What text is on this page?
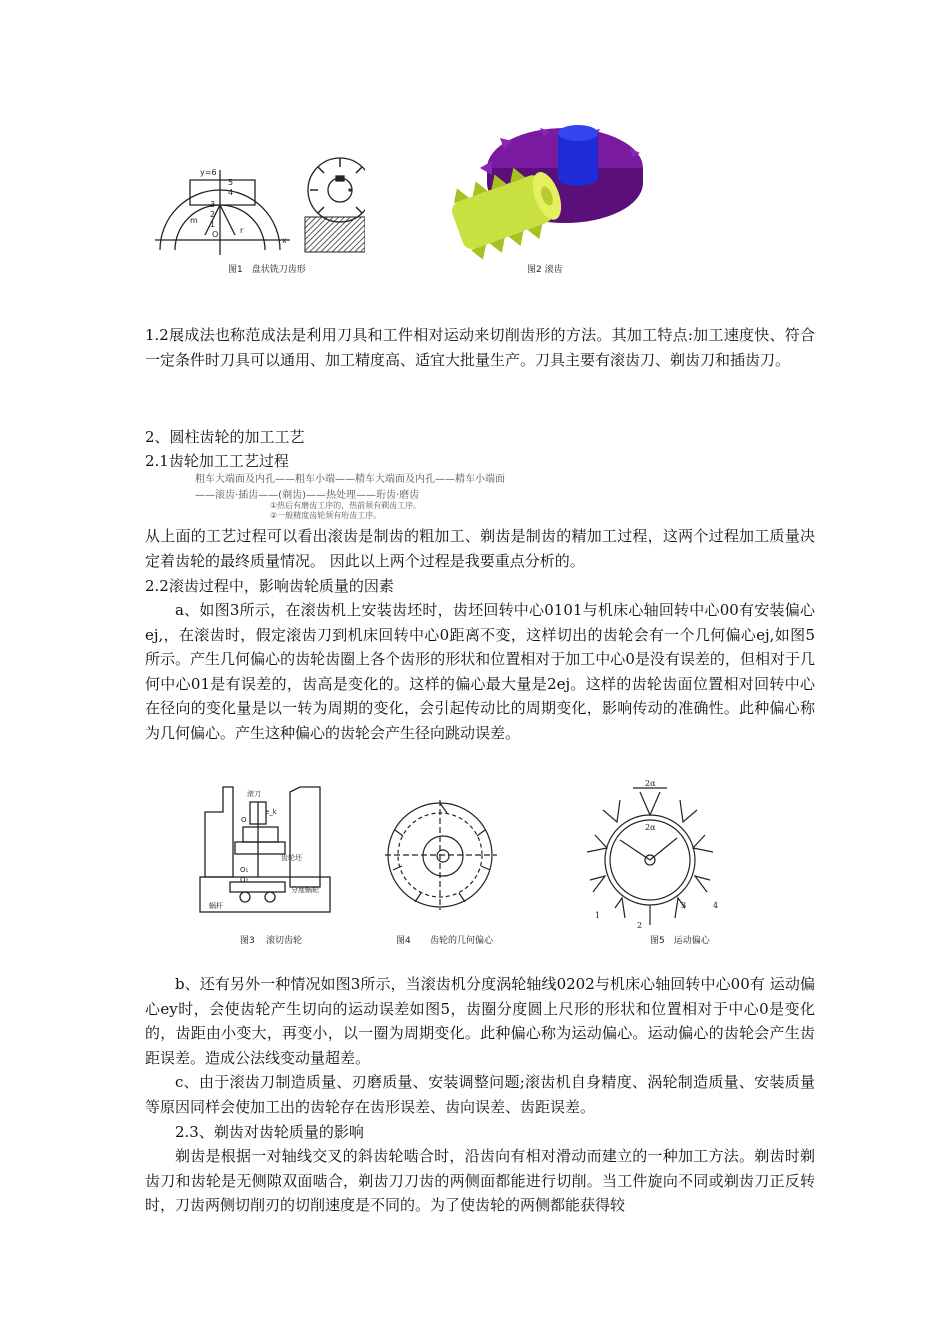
y=6
5
4
3
2
1
m
O
x
r
图1　盘状铣刀齿形	图2 滚齿

1.2展成法也称范成法是利用刀具和工件相对运动来切削齿形的方法。其加工特点:加工速度快、符合一定条件时刀具可以通用、加工精度高、适宜大批量生产。刀具主要有滚齿刀、剃齿刀和插齿刀。

2、圆柱齿轮的加工工艺

2.1齿轮加工工艺过程

粗车大端面及内孔——粗车小端——精车大端面及内孔——精车小端面
——滚齿·插齿——(剃齿)——热处理——珩齿·磨齿
①热后有磨齿工序的，热前须有剃齿工序。
②一般精度齿轮须有珩齿工序。

从上面的工艺过程可以看出滚齿是制齿的粗加工、剃齿是制齿的精加工过程，这两个过程加工质量决定着齿轮的最终质量情况。 因此以上两个过程是我要重点分析的。

2.2滚齿过程中，影响齿轮质量的因素

a、如图3所示，在滚齿机上安装齿坯时，齿坯回转中心0101与机床心轴回转中心00有安装偏心ej,，在滚齿时，假定滚齿刀到机床回转中心0距离不变，这样切出的齿轮会有一个几何偏心ej,如图5所示。产生几何偏心的齿轮齿圈上各个齿形的形状和位置相对于加工中心0是没有误差的，但相对于几何中心01是有误差的，齿高是变化的。这样的偏心最大量是2ej。这样的齿轮齿面位置相对回转中心在径向的变化量是以一转为周期的变化，会引起传动比的周期变化，影响传动的准确性。此种偏心称为几何偏心。产生这种偏心的齿轮会产生径向跳动误差。

滚刀
齿轮坯
分度蜗轮
蜗杆
e_k
O
O₁
O₂
图3 滚切齿轮	图4 齿轮的几何偏心
2α
2α
1
2
3	4
图5　运动偏心

b、还有另外一种情况如图3所示，当滚齿机分度涡轮轴线0202与机床心轴回转中心00有 运动偏心ey时，会使齿轮产生切向的运动误差如图5，齿圈分度圆上尺形的形状和位置相对于中心0是变化的，齿距由小变大，再变小，以一圈为周期变化。此种偏心称为运动偏心。运动偏心的齿轮会产生齿距误差。造成公法线变动量超差。

c、由于滚齿刀制造质量、刃磨质量、安装调整问题;滚齿机自身精度、涡轮制造质量、安装质量等原因同样会使加工出的齿轮存在齿形误差、齿向误差、齿距误差。

2.3、剃齿对齿轮质量的影响

剃齿是根据一对轴线交叉的斜齿轮啮合时，沿齿向有相对滑动而建立的一种加工方法。剃齿时剃齿刀和齿轮是无侧隙双面啮合，剃齿刀刀齿的两侧面都能进行切削。当工件旋向不同或剃齿刀正反转时，刀齿两侧切削刃的切削速度是不同的。为了使齿轮的两侧都能获得较
